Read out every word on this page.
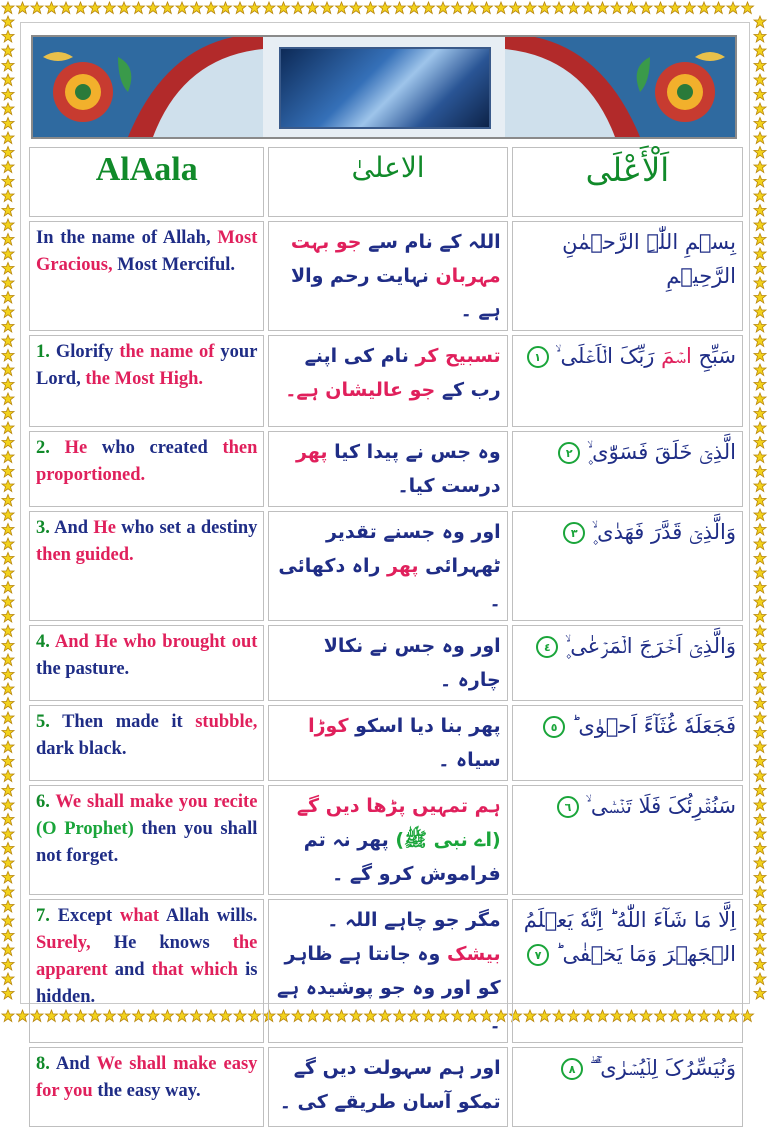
AlAala	الاعلیٰ	اَلْأَعْلَى
In the name of Allah, Most Gracious, Most Merciful.	اللہ کے نام سے جو بہت مہربان نہایت رحم والا ہے ۔	بِسۡمِ اللّٰہِ الرَّحۡمٰنِ الرَّحِیۡمِ
1. Glorify the name of your Lord, the Most High.	تسبیح کر نام کی اپنے رب کے جو عالیشان ہے۔	سَبِّحِ اسۡمَ رَبِّکَ الۡاَعۡلَی ۙ ١
2. He who created then proportioned.	وہ جس نے پیدا کیا پھر درست کیا۔	الَّذِیۡ خَلَقَ فَسَوّٰی ۪ۙ ٢
3. And He who set a destiny then guided.	اور وہ جسنے تقدیر ٹھہرائی پھر راہ دکھائی ۔	وَالَّذِیۡ قَدَّرَ فَهَدٰی ۪ۙ ٣
4. And He who brought out the pasture.	اور وہ جس نے نکالا چارہ ۔	وَالَّذِیۡۤ اَخۡرَجَ الۡمَرۡعٰی ۪ۙ ٤
5. Then made it stubble, dark black.	پھر بنا دیا اسکو کوڑا سیاہ ۔	فَجَعَلَهٗ غُثَآءً اَحۡوٰی ؕ ٥
6. We shall make you recite (O Prophet) then you shall not forget.	ہم تمہیں پڑھا دیں گے (اے نبی ﷺ) پھر نہ تم فراموش کرو گے ۔	سَنُقۡرِئُکَ فَلَا تَنۡسٰۤی ۙ ٦
7. Except what Allah wills. Surely, He knows the apparent and that which is hidden.	مگر جو چاہے اللہ ۔ بیشک وہ جانتا ہے ظاہر کو اور وہ جو پوشیدہ ہے ۔	اِلَّا مَا شَآءَ اللّٰهُ ؕ اِنَّهٗ یَعۡلَمُ الۡجَهۡرَ وَمَا یَخۡفٰی ؕ ٧
8. And We shall make easy for you the easy way.	اور ہم سہولت دیں گے تمکو آسان طریقے کی ۔	وَنُیَسِّرُکَ لِلۡیُسۡرٰی ۚ ۖ ٨
